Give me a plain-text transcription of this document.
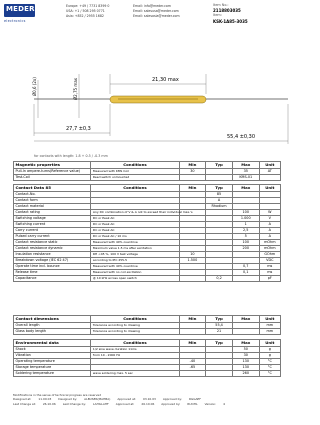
MEDER
electronics
Europe: +49 / 7731 8399 0
USA: +1 / 508 295 0771
Asia: +852 / 2955 1682
Email: info@meder.com
Email: salesusa@meder.com
Email: salesasia@meder.com
Item No.:
2118803035
Item:
KSK-1A85-3035
Ø0,6 (2x)	Ø2,75 max	21,30 max
27,7 ±0,3
55,4 ±0,30
for contacts with length: 1.8 + 0.5 / -0.3 mm
Magnetic properties	Conditions	Min	Typ	Max	Unit
Pull-In ampere-turns(Reference value)	Measured with KMS Coil	30		35	AT
Test-Coil	Reed switch unmounted			KMS-01	
Contact Data 85	Conditions	Min	Typ	Max	Unit
Contact-No.			85		
Contact form			A		
Contact material			Rhodium		
Contact rating	Any DC combination of V & A not to exceed their individual max.'s			100	W
Switching voltage	DC or Peak AC			1.000	V
Switching current	DC or Peak AC			1	A
Carry current	DC or Peak AC			2,5	A
Pulsed carry current	DC or Peak AC / 10 ms			5	A
Contact resistance static	Measured with 40% overdrive			100	mOhm
Contact resistance dynamic	Maximum value 1.5 ms after excitation			200	mOhm
Insulation resistance	RH <45 %, 100 V test voltage	10			GOhm
Breakdown voltage (IEC 62 47)	according to IEC 255-5	1.500			VDC
Operate time incl. bounce	Measured with 40% overdrive			0,7	ms
Release time	Measured with no coil excitation			0,1	ms
Capacitance	@ 10 kHz across open switch		0,2		pF
Contact dimensions	Conditions	Min	Typ	Max	Unit
Overall length	Tolerance according to drawing		55,4		mm
Glass body length	Tolerance according to drawing		21		mm
Environmental data	Conditions	Min	Typ	Max	Unit
Shock	1/2 sine wave duration 11ms			50	g
Vibration	from 10 - 2000 Hz			30	g
Operating temperature		-40		130	°C
Storage temperature		-65		130	°C
Soldering temperature	wave soldering max. 5 sec			260	°C
Modifications in the sense of technical progress are reserved
Designed at: 11.09.03 Designed by: ALBUSER(MAHBA) Approved at: 03.10.03 Approved by: RGGAEF
Last Change at: 26.10.06 Last Change by: LAHILLAHF Approved at: 26.10.06 Approved by: RUOHL Version: 4
